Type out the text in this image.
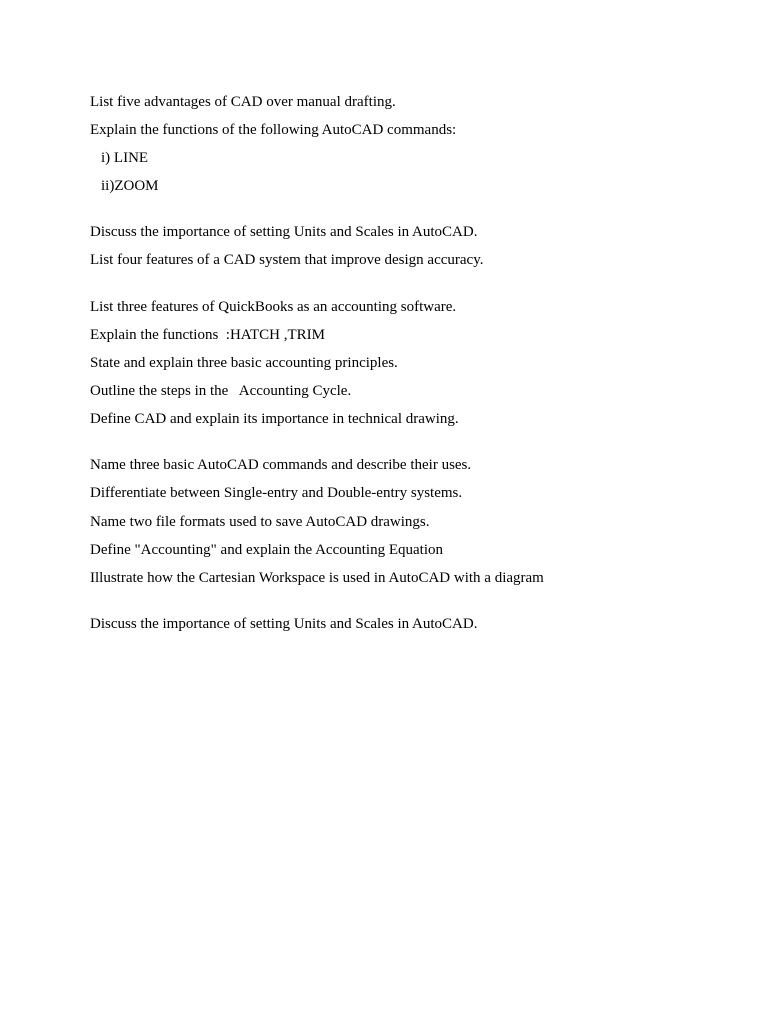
List five advantages of CAD over manual drafting.
Explain the functions of the following AutoCAD commands:
i) LINE
ii)ZOOM
Discuss the importance of setting Units and Scales in AutoCAD.
List four features of a CAD system that improve design accuracy.
List three features of QuickBooks as an accounting software.
Explain the functions  :HATCH ,TRIM
State and explain three basic accounting principles.
Outline the steps in the   Accounting Cycle.
Define CAD and explain its importance in technical drawing.
Name three basic AutoCAD commands and describe their uses.
Differentiate between Single-entry and Double-entry systems.
Name two file formats used to save AutoCAD drawings.
Define "Accounting" and explain the Accounting Equation
Illustrate how the Cartesian Workspace is used in AutoCAD with a diagram
Discuss the importance of setting Units and Scales in AutoCAD.
